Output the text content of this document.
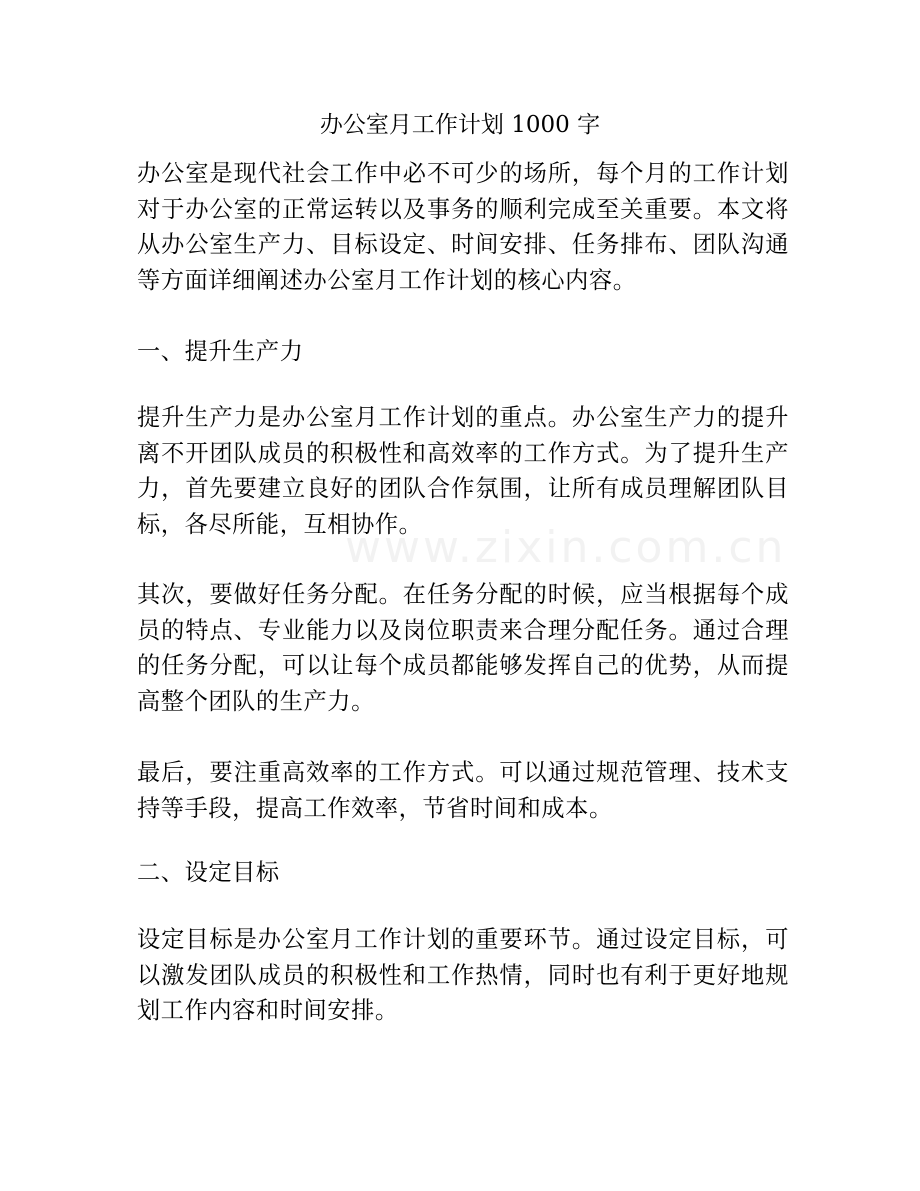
www.zixin.com.cn
办公室月工作计划 1000 字

办公室是现代社会工作中必不可少的场所，每个月的工作计划对于办公室的正常运转以及事务的顺利完成至关重要。本文将从办公室生产力、目标设定、时间安排、任务排布、团队沟通等方面详细阐述办公室月工作计划的核心内容。

一、提升生产力

提升生产力是办公室月工作计划的重点。办公室生产力的提升离不开团队成员的积极性和高效率的工作方式。为了提升生产力，首先要建立良好的团队合作氛围，让所有成员理解团队目标，各尽所能，互相协作。

其次，要做好任务分配。在任务分配的时候，应当根据每个成员的特点、专业能力以及岗位职责来合理分配任务。通过合理的任务分配，可以让每个成员都能够发挥自己的优势，从而提高整个团队的生产力。

最后，要注重高效率的工作方式。可以通过规范管理、技术支持等手段，提高工作效率，节省时间和成本。

二、设定目标

设定目标是办公室月工作计划的重要环节。通过设定目标，可以激发团队成员的积极性和工作热情，同时也有利于更好地规划工作内容和时间安排。
